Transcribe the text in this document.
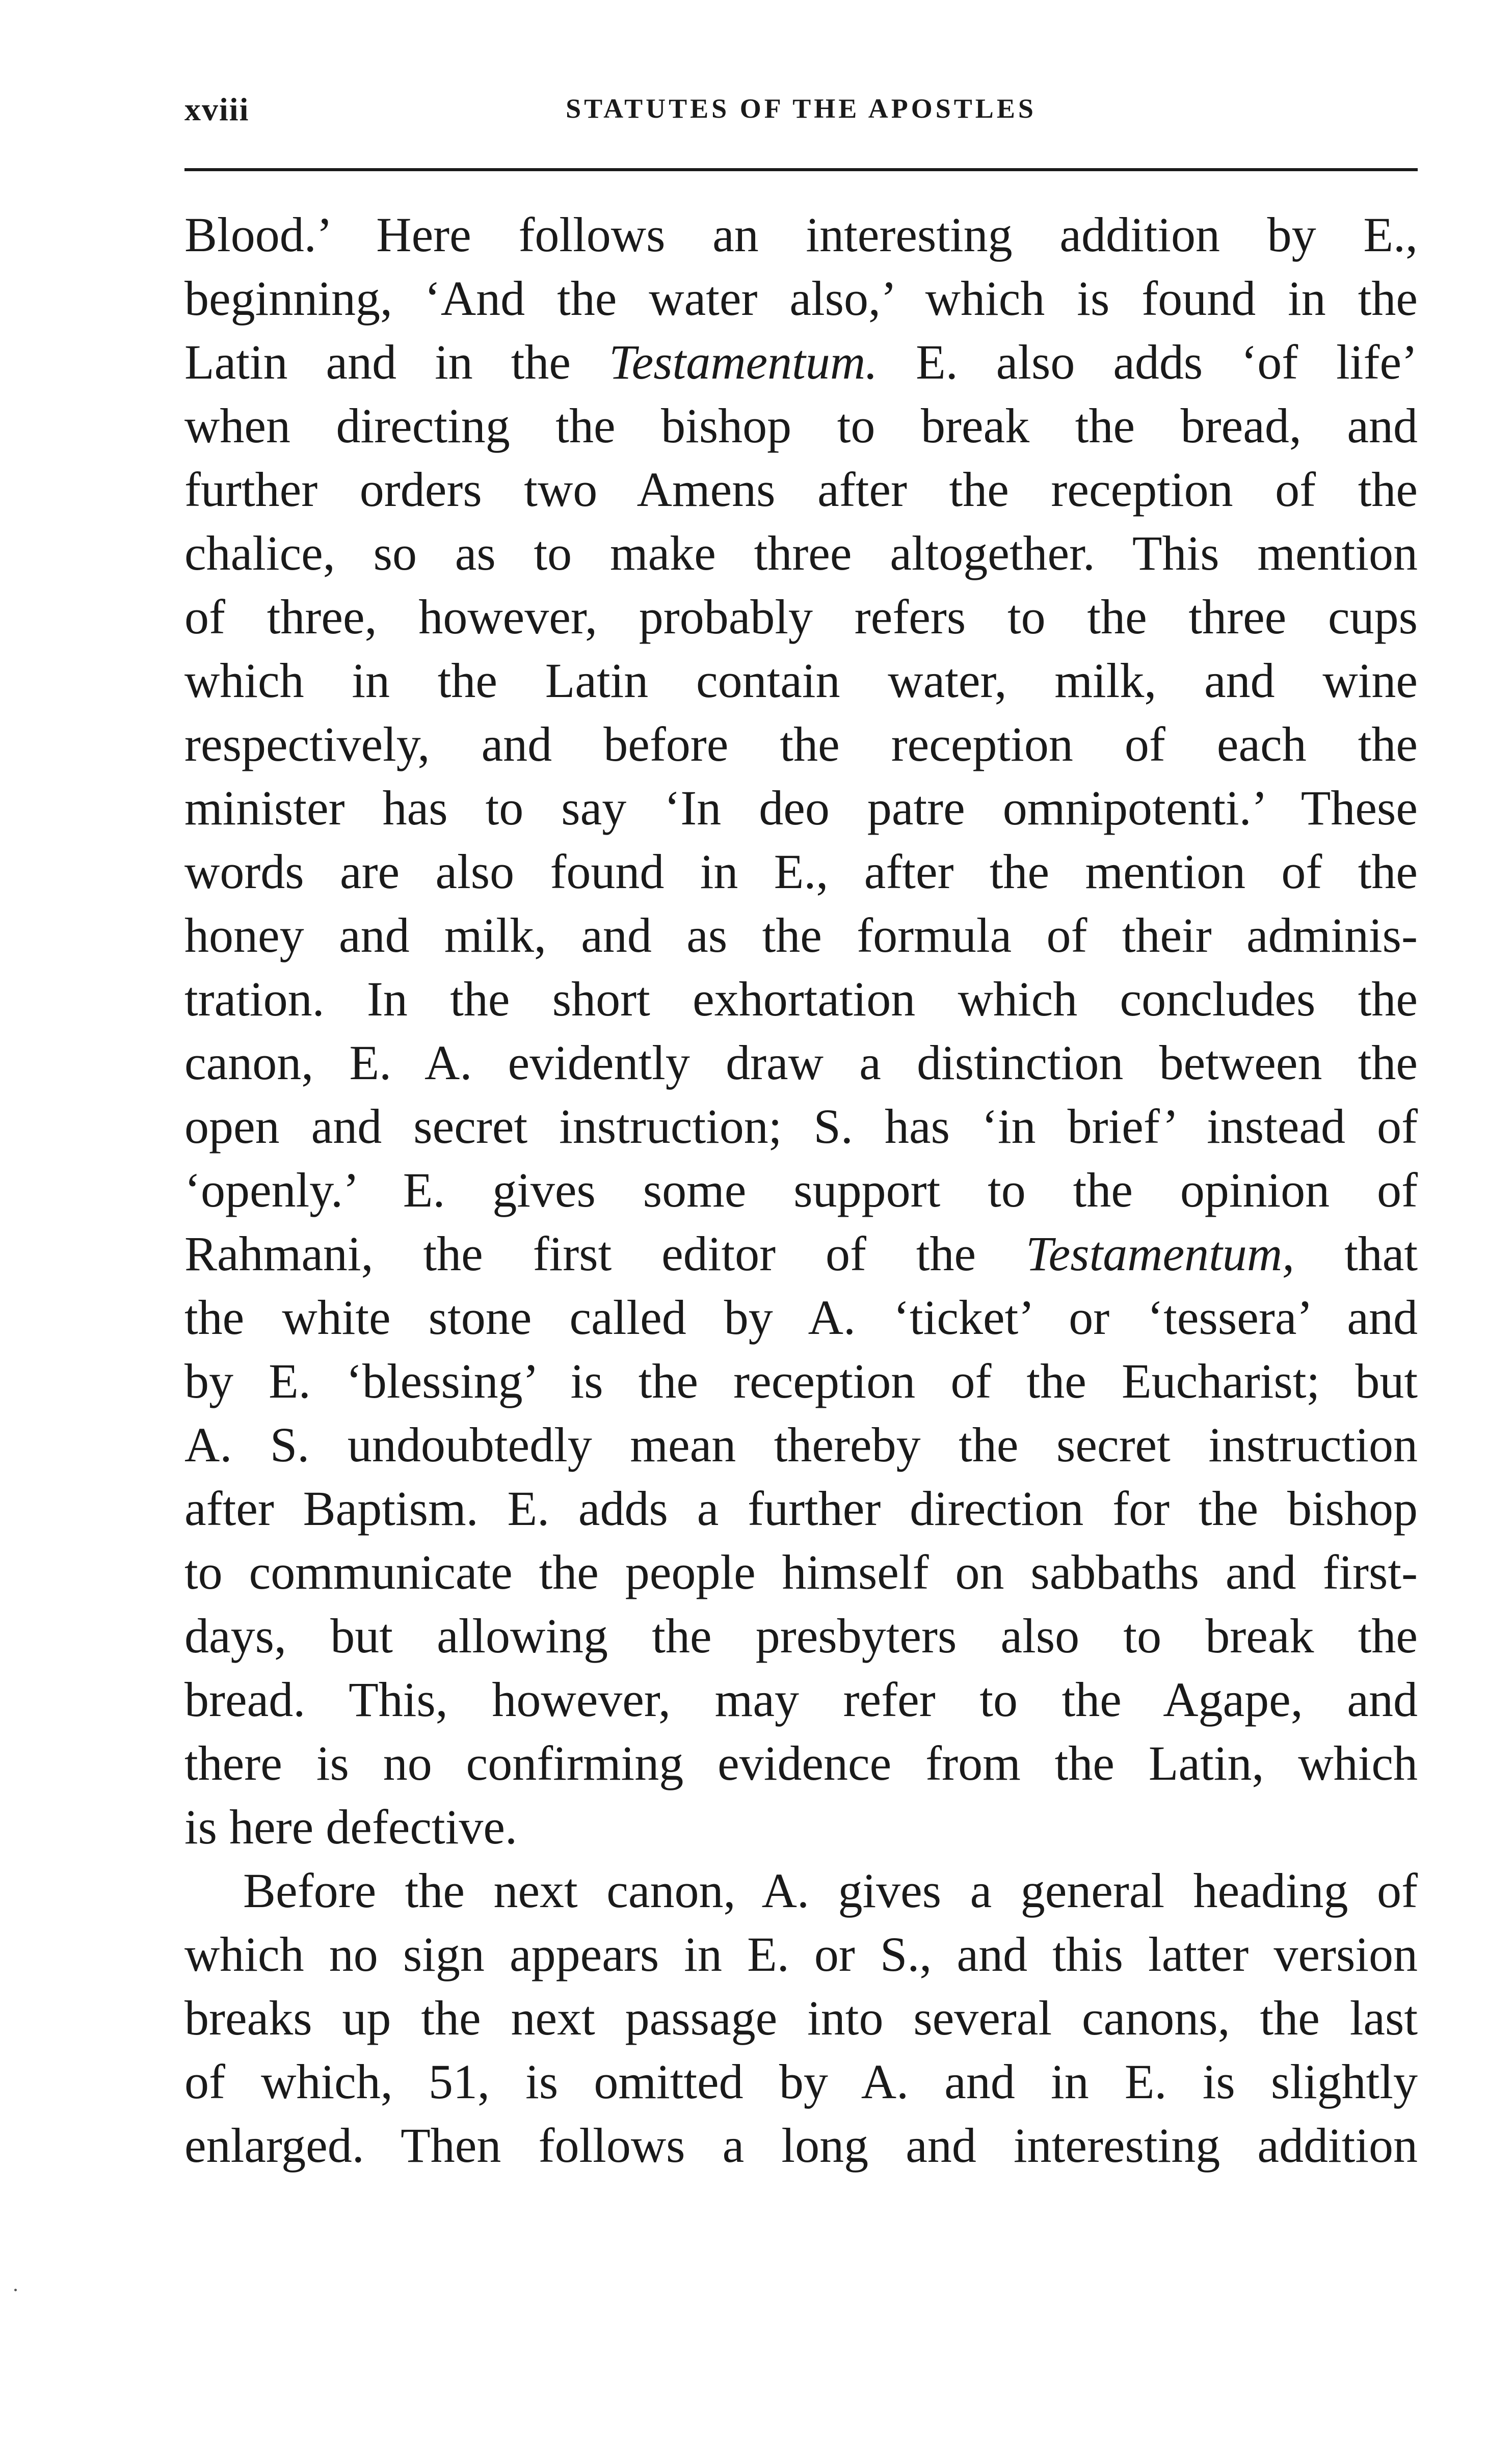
xviii	STATUTES OF THE APOSTLES
Blood.’ Here follows an interesting addition by E.,
beginning, ‘And the water also,’ which is found in the
Latin and in the Testamentum. E. also adds ‘of life’
when directing the bishop to break the bread, and
further orders two Amens after the reception of the
chalice, so as to make three altogether. This mention
of three, however, probably refers to the three cups
which in the Latin contain water, milk, and wine
respectively, and before the reception of each the
minister has to say ‘In deo patre omnipotenti.’ These
words are also found in E., after the mention of the
honey and milk, and as the formula of their adminis-
tration. In the short exhortation which concludes the
canon, E. A. evidently draw a distinction between the
open and secret instruction; S. has ‘in brief’ instead of
‘openly.’ E. gives some support to the opinion of
Rahmani, the first editor of the Testamentum, that
the white stone called by A. ‘ticket’ or ‘tessera’ and
by E. ‘blessing’ is the reception of the Eucharist; but
A. S. undoubtedly mean thereby the secret instruction
after Baptism. E. adds a further direction for the bishop
to communicate the people himself on sabbaths and first-
days, but allowing the presbyters also to break the
bread. This, however, may refer to the Agape, and
there is no confirming evidence from the Latin, which
is here defective.
Before the next canon, A. gives a general heading of
which no sign appears in E. or S., and this latter version
breaks up the next passage into several canons, the last
of which, 51, is omitted by A. and in E. is slightly
enlarged. Then follows a long and interesting addition
